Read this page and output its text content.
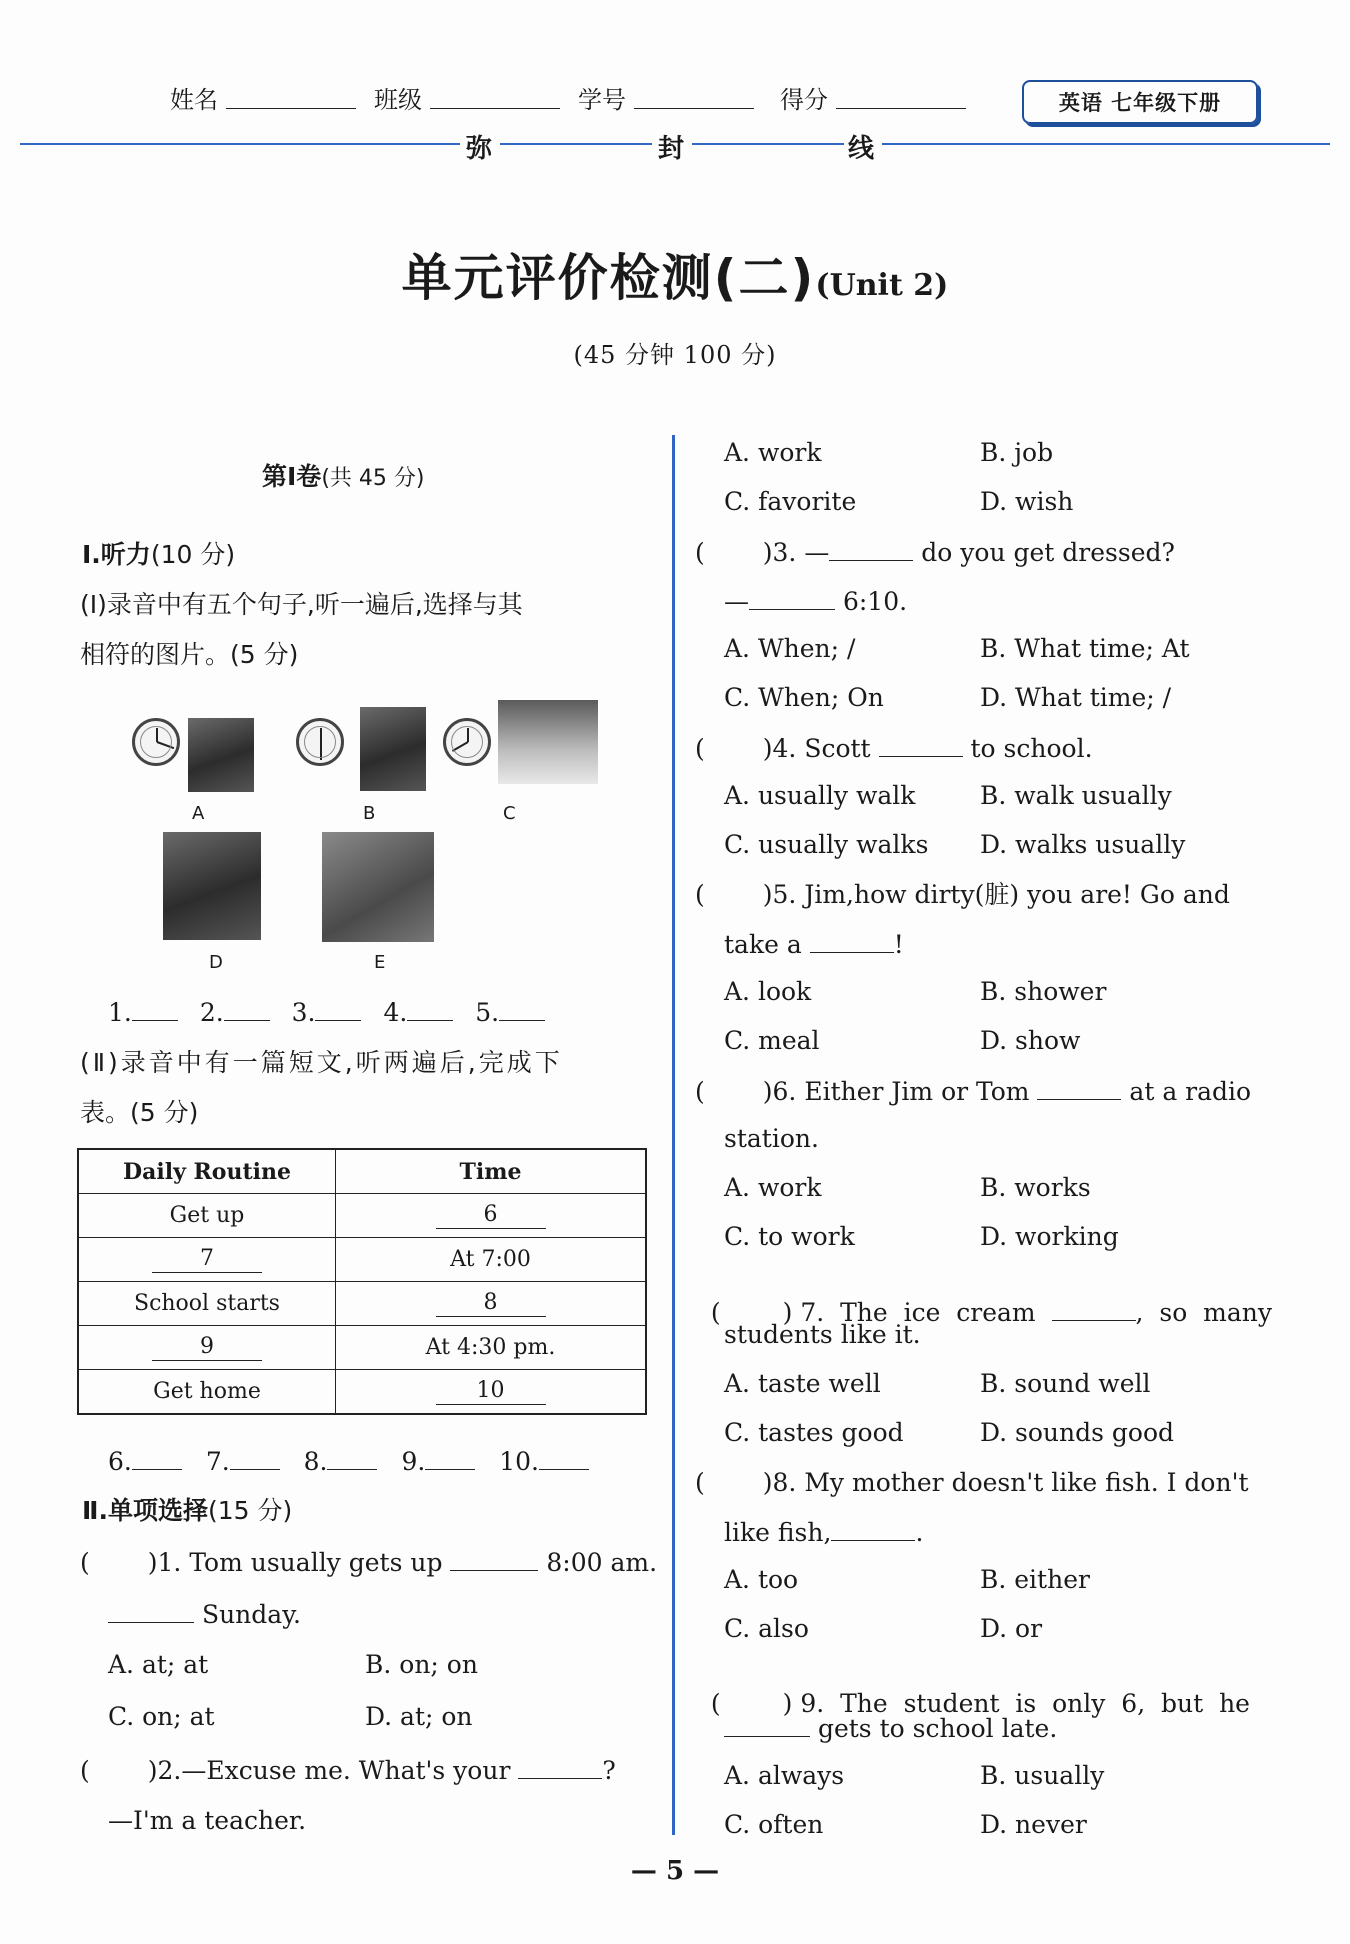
姓名	班级	学号	得分	英语 七年级下册
弥	封	线
单元评价检测(二)(Unit 2)
(45 分钟 100 分)
第Ⅰ卷(共 45 分)
Ⅰ.听力(10 分)
(Ⅰ)录音中有五个句子,听一遍后,选择与其
相符的图片。(5 分)
A	B	C
D	E
1.	2.	3.	4.	5.
(Ⅱ)录音中有一篇短文,听两遍后,完成下
表。(5 分)
Daily Routine	Time
Get up	6
7	At 7:00
School starts	8
9	At 4:30 pm.
Get home	10
6.	7.	8.	9.	10.
Ⅱ.单项选择(15 分)
( )1. Tom usually gets up	8:00 am.
Sunday.
A. at; at	B. on; on
C. on; at	D. at; on
( )2.—Excuse me. What's your	?
—I'm a teacher.
A. work	B. job
C. favorite	D. wish
( )3. —	do you get dressed?
—	6:10.
A. When; /	B. What time; At
C. When; On	D. What time; /
( )4. Scott	to school.
A. usually walk	B. walk usually
C. usually walks D. walks usually
( )5. Jim,how dirty(脏) you are! Go and
take a	!
A. look	B. shower
C. meal	D. show
( )6. Either Jim or Tom	at a radio
station.
A. work	B. works
C. to work	D. working

( ) 7.  The  ice  cream	,  so  many

students like it.
A. taste well	B. sound well
C. tastes good	D. sounds good
( )8. My mother doesn't like fish. I don't
like fish,	.
A. too	B. either
C. also	D. or

( ) 9.  The  student  is  only  6,  but  he

gets to school late.
A. always	B. usually
C. often	D. never
— 5 —
